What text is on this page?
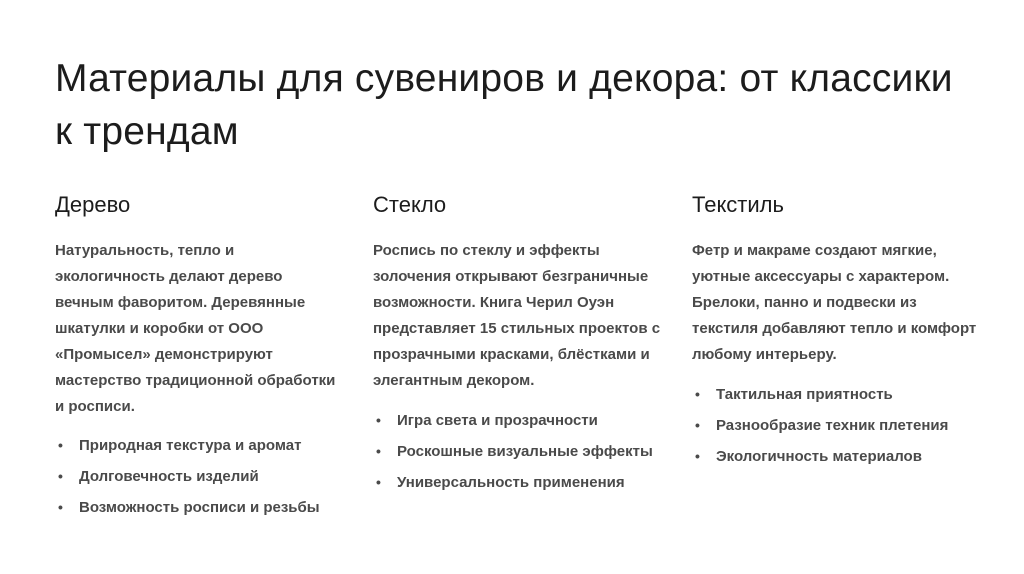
Материалы для сувениров и декора: от классики к трендам
Дерево

Натуральность, тепло и экологичность делают дерево вечным фаворитом. Деревянные шкатулки и коробки от ООО «Промысел» демонстрируют мастерство традиционной обработки и росписи.

• Природная текстура и аромат
• Долговечность изделий
• Возможность росписи и резьбы
Стекло

Роспись по стеклу и эффекты золочения открывают безграничные возможности. Книга Черил Оуэн представляет 15 стильных проектов с прозрачными красками, блёстками и элегантным декором.

• Игра света и прозрачности
• Роскошные визуальные эффекты
• Универсальность применения
Текстиль

Фетр и макраме создают мягкие, уютные аксессуары с характером. Брелоки, панно и подвески из текстиля добавляют тепло и комфорт любому интерьеру.

• Тактильная приятность
• Разнообразие техник плетения
• Экологичность материалов
